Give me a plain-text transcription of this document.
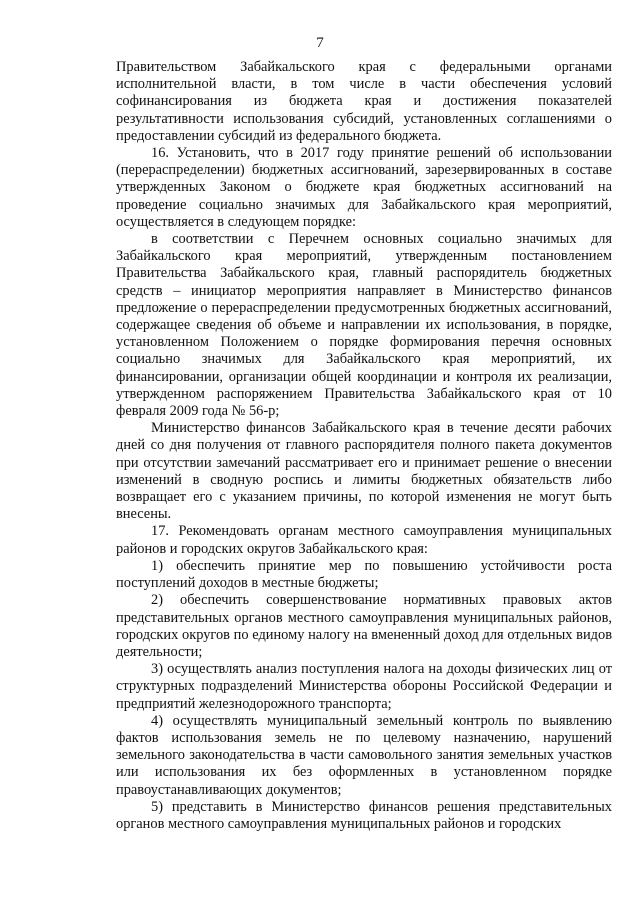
7

Правительством Забайкальского края с федеральными органами исполнительной власти, в том числе в части обеспечения условий софинансирования из бюджета края и достижения показателей результативности использования субсидий, установленных соглашениями о предоставлении субсидий из федерального бюджета.

16. Установить, что в 2017 году принятие решений об использовании (перераспределении) бюджетных ассигнований, зарезервированных в составе утвержденных Законом о бюджете края бюджетных ассигнований на проведение социально значимых для Забайкальского края мероприятий, осуществляется в следующем порядке:

в соответствии с Перечнем основных социально значимых для Забайкальского края мероприятий, утвержденным постановлением Правительства Забайкальского края, главный распорядитель бюджетных средств – инициатор мероприятия направляет в Министерство финансов предложение о перераспределении предусмотренных бюджетных ассигнований, содержащее сведения об объеме и направлении их использования, в порядке, установленном Положением о порядке формирования перечня основных социально значимых для Забайкальского края мероприятий, их финансировании, организации общей координации и контроля их реализации, утвержденном распоряжением Правительства Забайкальского края от 10 февраля 2009 года № 56-р;

Министерство финансов Забайкальского края в течение десяти рабочих дней со дня получения от главного распорядителя полного пакета документов при отсутствии замечаний рассматривает его и принимает решение о внесении изменений в сводную роспись и лимиты бюджетных обязательств либо возвращает его с указанием причины, по которой изменения не могут быть внесены.

17. Рекомендовать органам местного самоуправления муниципальных районов и городских округов Забайкальского края:

1) обеспечить принятие мер по повышению устойчивости роста поступлений доходов в местные бюджеты;

2) обеспечить совершенствование нормативных правовых актов представительных органов местного самоуправления муниципальных районов, городских округов по единому налогу на вмененный доход для отдельных видов деятельности;

3) осуществлять анализ поступления налога на доходы физических лиц от структурных подразделений Министерства обороны Российской Федерации и предприятий железнодорожного транспорта;

4) осуществлять муниципальный земельный контроль по выявлению фактов использования земель не по целевому назначению, нарушений земельного законодательства в части самовольного занятия земельных участков или использования их без оформленных в установленном порядке правоустанавливающих документов;

5) представить в Министерство финансов решения представительных органов местного самоуправления муниципальных районов и городских
